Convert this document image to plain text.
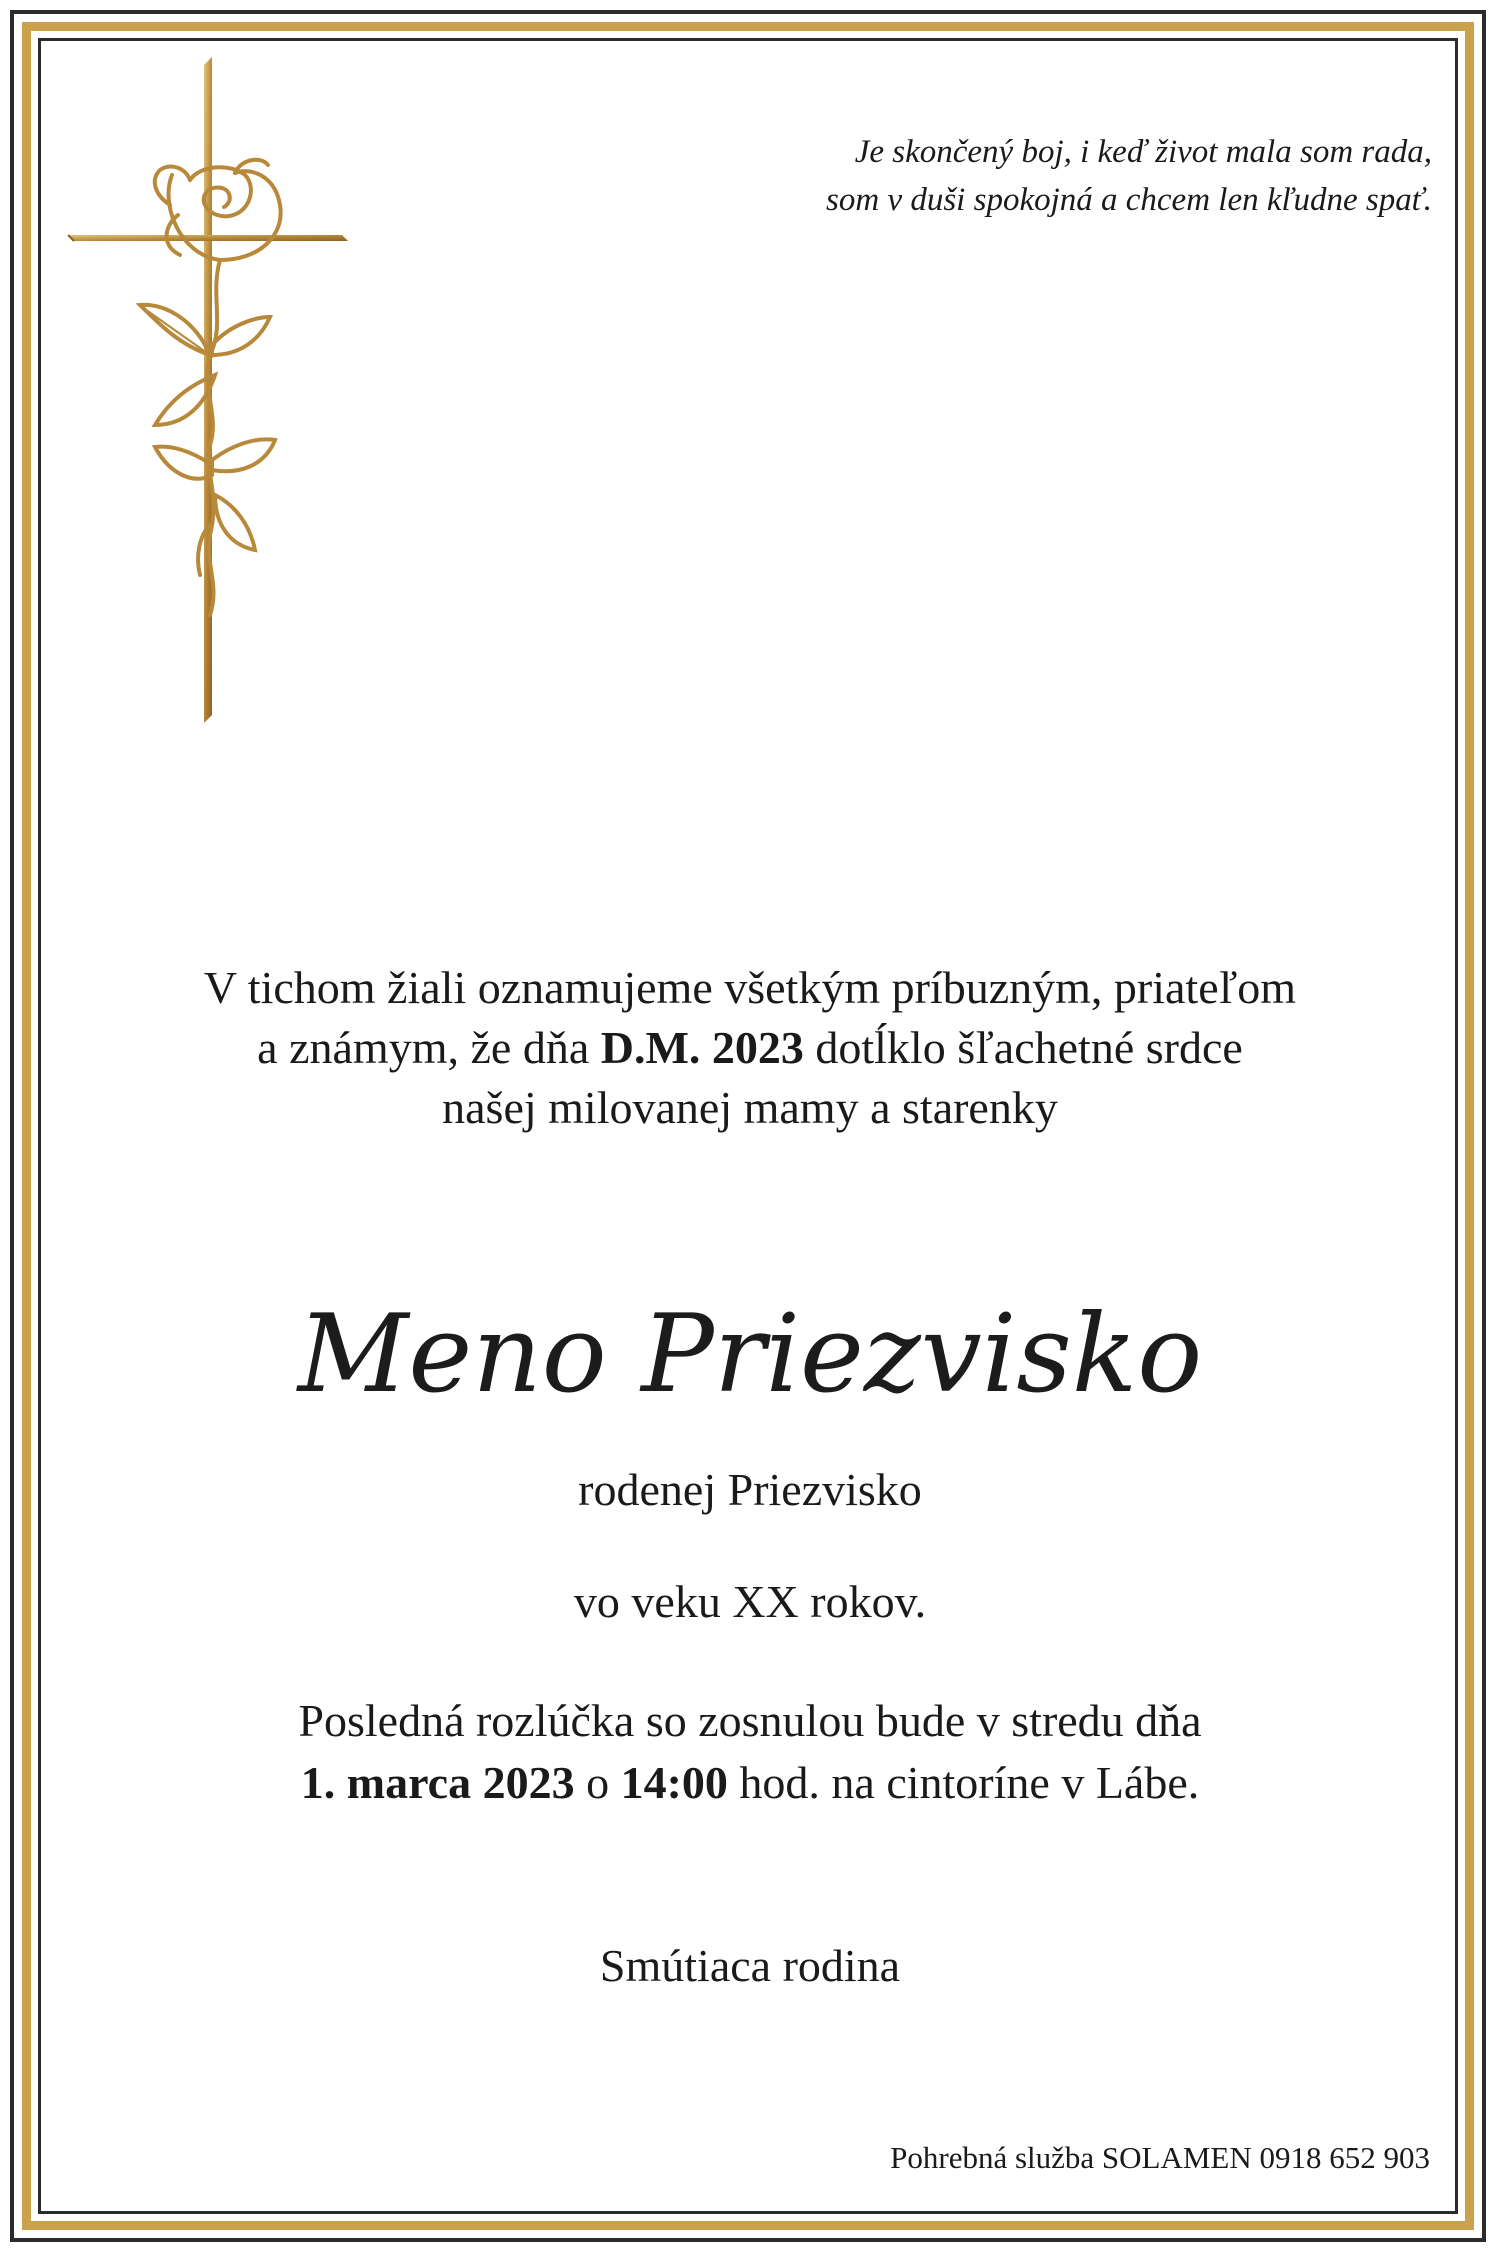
Je skončený boj, i keď život mala som rada,
som v duši spokojná a chcem len kľudne spať.
V tichom žiali oznamujeme všetkým príbuzným, priateľom
a známym, že dňa D.M. 2023 dotĺklo šľachetné srdce
našej milovanej mamy a starenky
Meno Priezvisko
rodenej Priezvisko
vo veku XX rokov.
Posledná rozlúčka so zosnulou bude v stredu dňa
1. marca 2023 o 14:00 hod. na cintoríne v Lábe.
Smútiaca rodina
Pohrebná služba SOLAMEN 0918 652 903
